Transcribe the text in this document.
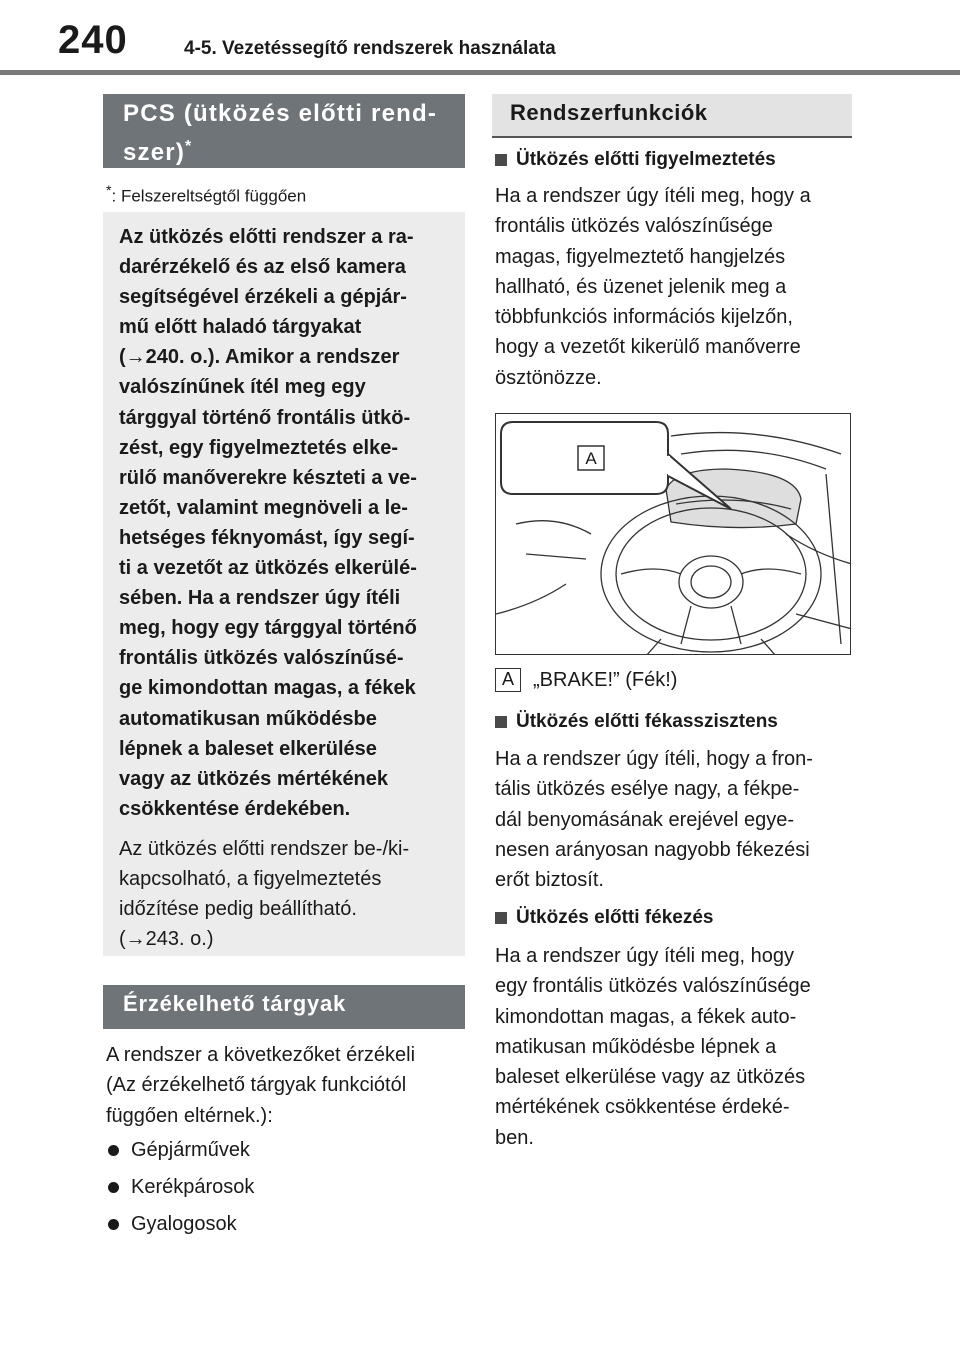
240	4-5. Vezetéssegítő rendszerek használata
PCS (ütközés előtti rend-
szer)*
*: Felszereltségtől függően
Az ütközés előtti rendszer a ra-
darérzékelő és az első kamera
segítségével érzékeli a gépjár-
mű előtt haladó tárgyakat
(→240. o.). Amikor a rendszer
valószínűnek ítél meg egy
tárggyal történő frontális ütkö-
zést, egy figyelmeztetés elke-
rülő manőverekre készteti a ve-
zetőt, valamint megnöveli a le-
hetséges féknyomást, így segí-
ti a vezetőt az ütközés elkerülé-
sében. Ha a rendszer úgy ítéli
meg, hogy egy tárggyal történő
frontális ütközés valószínűsé-
ge kimondottan magas, a fékek
automatikusan működésbe
lépnek a baleset elkerülése
vagy az ütközés mértékének
csökkentése érdekében.
Az ütközés előtti rendszer be-/ki-
kapcsolható, a figyelmeztetés
időzítése pedig beállítható.
(→243. o.)
Érzékelhető tárgyak
A rendszer a következőket érzékeli
(Az érzékelhető tárgyak funkciótól
függően eltérnek.):
Gépjárművek
Kerékpárosok
Gyalogosok
Rendszerfunkciók
Ütközés előtti figyelmeztetés
Ha a rendszer úgy ítéli meg, hogy a
frontális ütközés valószínűsége
magas, figyelmeztető hangjelzés
hallható, és üzenet jelenik meg a
többfunkciós információs kijelzőn,
hogy a vezetőt kikerülő manőverre
ösztönözze.
A
A „BRAKE!” (Fék!)
Ütközés előtti fékasszisztens
Ha a rendszer úgy ítéli, hogy a fron-
tális ütközés esélye nagy, a fékpe-
dál benyomásának erejével egye-
nesen arányosan nagyobb fékezési
erőt biztosít.
Ütközés előtti fékezés
Ha a rendszer úgy ítéli meg, hogy
egy frontális ütközés valószínűsége
kimondottan magas, a fékek auto-
matikusan működésbe lépnek a
baleset elkerülése vagy az ütközés
mértékének csökkentése érdeké-
ben.
